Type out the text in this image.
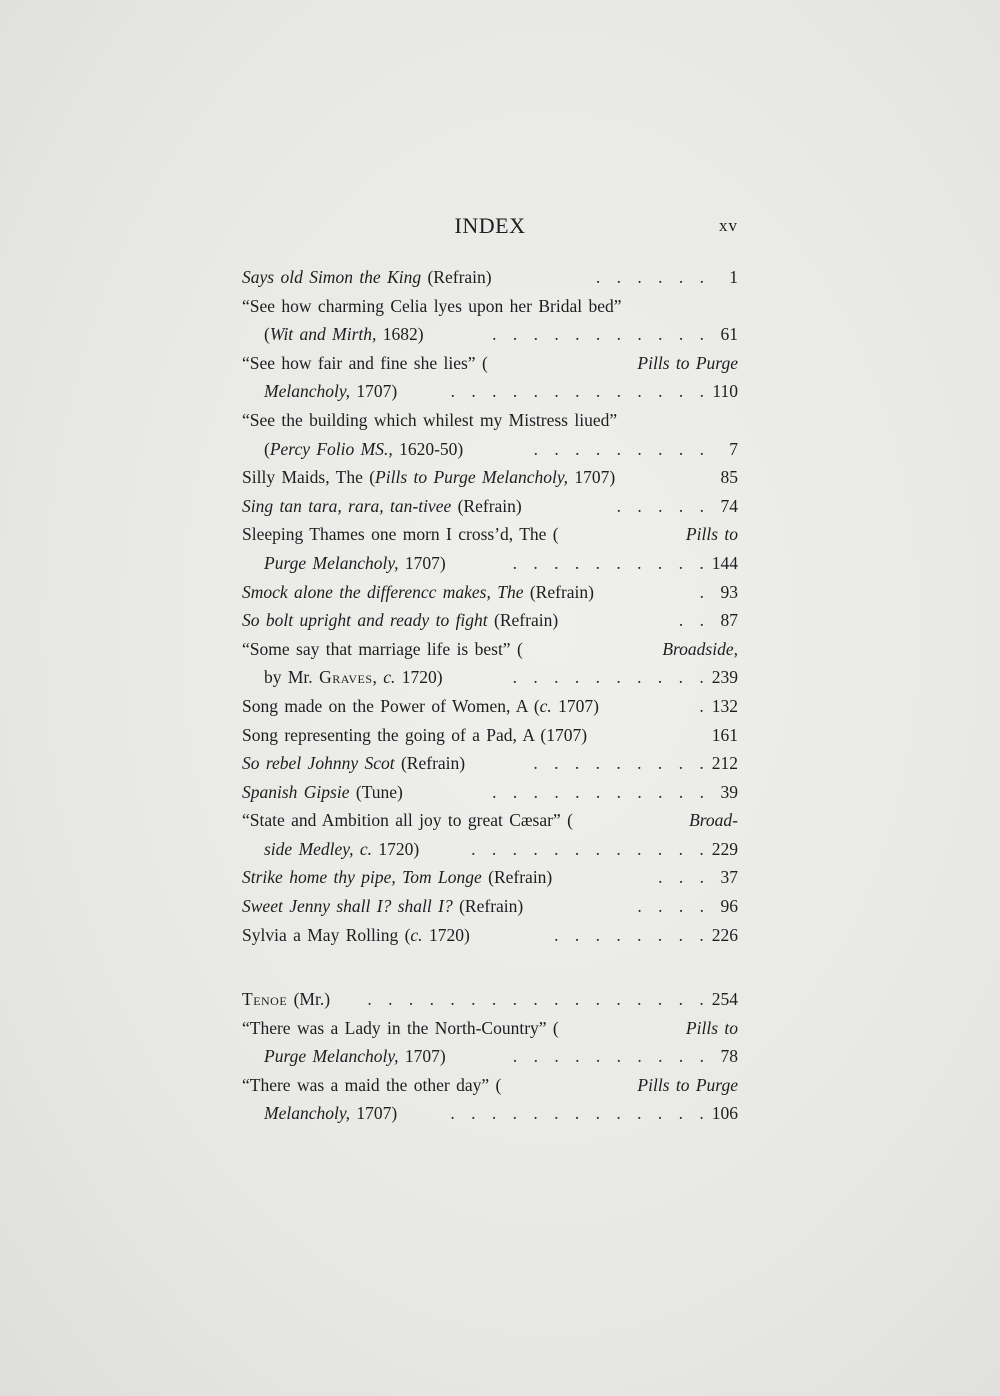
INDEX	xv
Says old Simon the King (Refrain)	. . . . . .	1
“See how charming Celia lyes upon her Bridal bed”
(Wit and Mirth, 1682)	. . . . . . . . . . . 61
“See how fair and fine she lies” (	Pills to Purge
Melancholy, 1707)	. . . . . . . . . . . . . 110
“See the building which whilest my Mistress liued”
(Percy Folio MS., 1620-50)	. . . . . . . . .	7
Silly Maids, The (Pills to Purge Melancholy, 1707)	85
Sing tan tara, rara, tan-tivee (Refrain)	. . . . . 74
Sleeping Thames one morn I cross’d, The (	Pills to
Purge Melancholy, 1707)	. . . . . . . . . . 144
Smock alone the differencc makes, The (Refrain)	. 93
So bolt upright and ready to fight (Refrain)	. . 87
“Some say that marriage life is best” (	Broadside,
by Mr. Graves, c. 1720)	. . . . . . . . . . 239
Song made on the Power of Women, A (c. 1707)	. 132
Song representing the going of a Pad, A (1707)	161
So rebel Johnny Scot (Refrain)	. . . . . . . . . 212
Spanish Gipsie (Tune)	. . . . . . . . . . . 39
“State and Ambition all joy to great Cæsar” (	Broad-
side Medley, c. 1720)	. . . . . . . . . . . . 229
Strike home thy pipe, Tom Longe (Refrain)	. . . 37
Sweet Jenny shall I? shall I? (Refrain)	. . . . 96
Sylvia a May Rolling (c. 1720)	. . . . . . . . 226
Tenoe (Mr.)	. . . . . . . . . . . . . . . . . 254
“There was a Lady in the North-Country” (	Pills to
Purge Melancholy, 1707)	. . . . . . . . . . 78
“There was a maid the other day” (	Pills to Purge
Melancholy, 1707)	. . . . . . . . . . . . . 106
